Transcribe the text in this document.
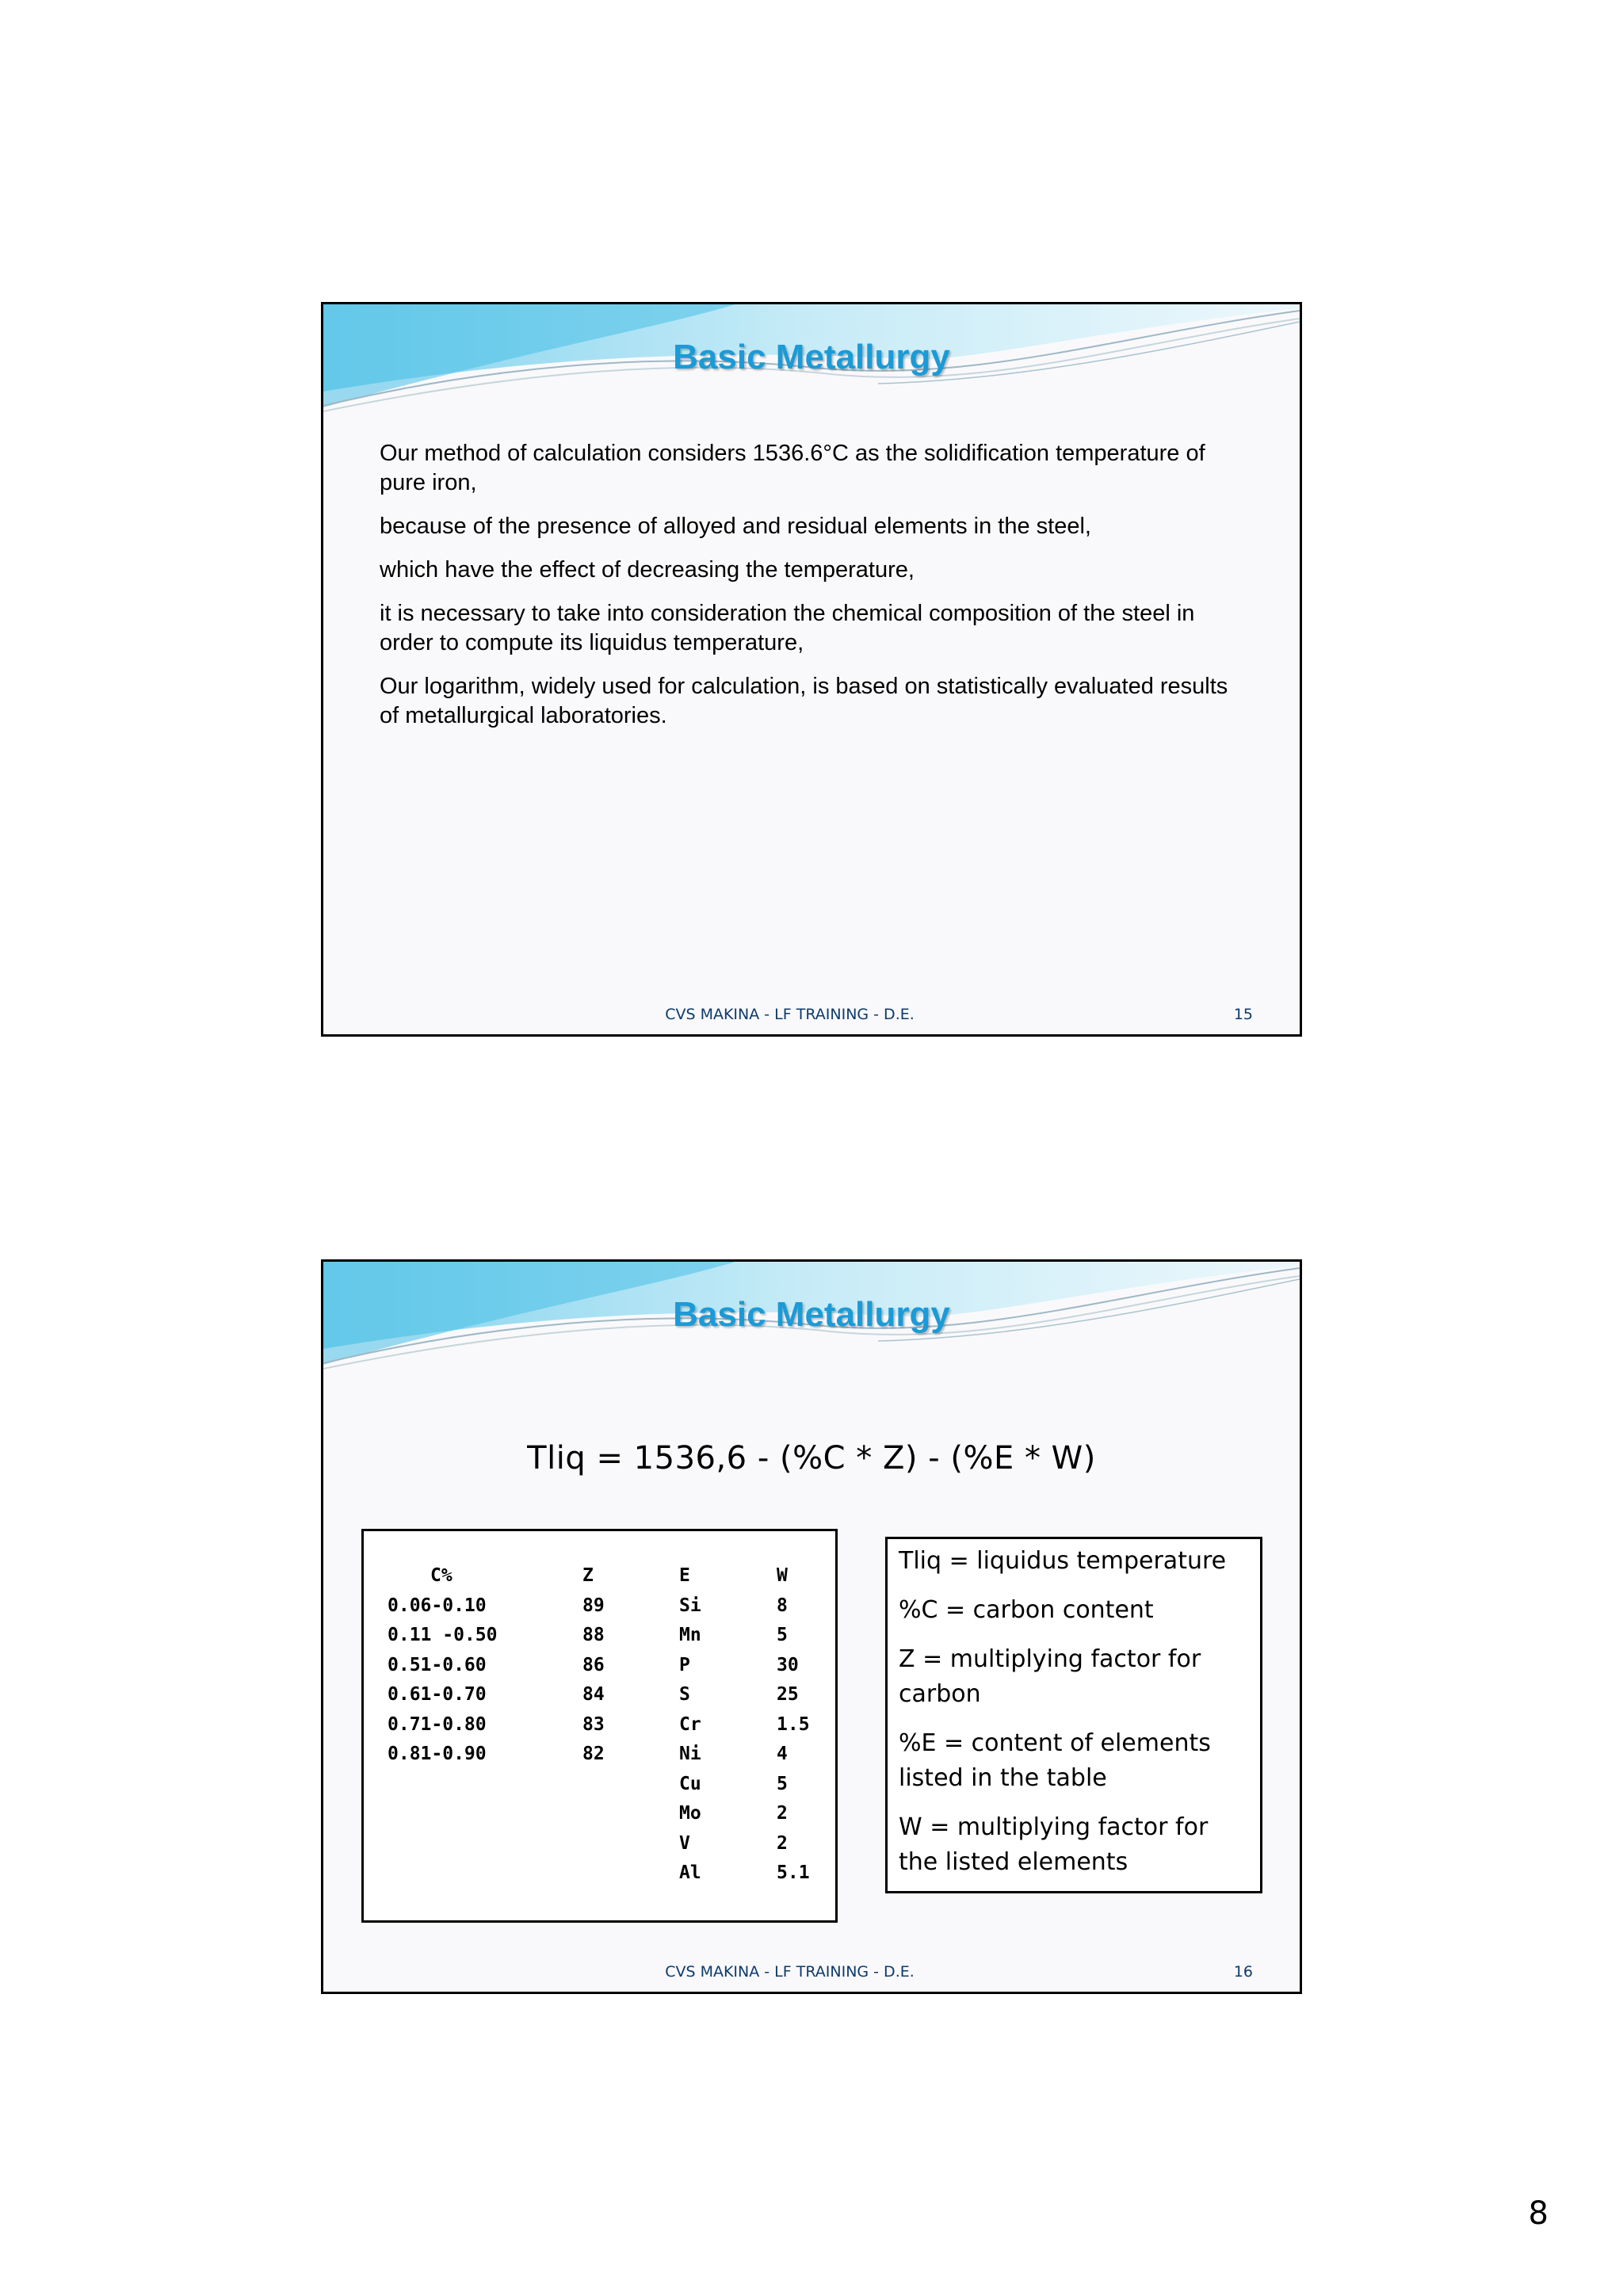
Basic Metallurgy

Our method of calculation considers 1536.6°C as the solidification temperature of pure iron,

because of the presence of alloyed and residual elements in the steel,

which have the effect of decreasing the temperature,

it is necessary to take into consideration the chemical composition of the steel in order to compute its liquidus temperature,

Our logarithm, widely used for calculation, is based on statistically evaluated results of metallurgical laboratories.

CVS MAKINA - LF TRAINING - D.E.	15
Basic Metallurgy
Tliq = 1536,6 - (%C * Z) - (%E * W)
C%
0.06-0.10
0.11 -0.50
0.51-0.60
0.61-0.70
0.71-0.80
0.81-0.90
Z
89
88
86
84
83
82
E
Si
Mn
P
S
Cr
Ni
Cu
Mo
V
Al
W
8
5
30
25
1.5
4
5
2
2
5.1

Tliq = liquidus temperature

%C = carbon content

Z = multiplying factor for carbon

%E = content of elements listed in the table

W = multiplying factor for the listed elements

CVS MAKINA - LF TRAINING - D.E.	16
8
